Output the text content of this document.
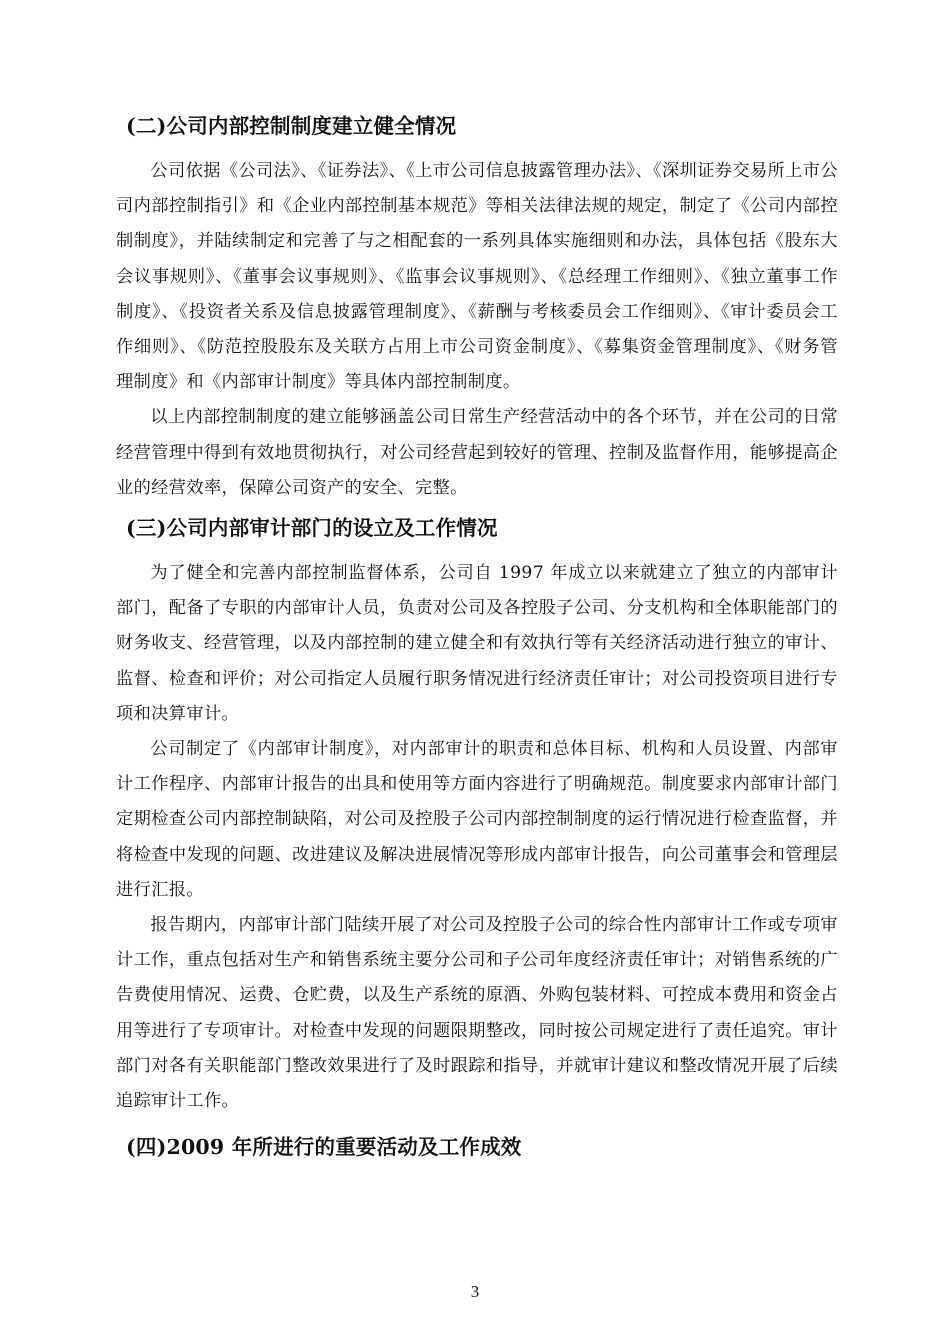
(二)公司内部控制制度建立健全情况

公司依据《公司法》、《证券法》、《上市公司信息披露管理办法》、《深圳证券交易所上市公司内部控制指引》和《企业内部控制基本规范》等相关法律法规的规定，制定了《公司内部控制制度》，并陆续制定和完善了与之相配套的一系列具体实施细则和办法，具体包括《股东大会议事规则》、《董事会议事规则》、《监事会议事规则》、《总经理工作细则》、《独立董事工作制度》、《投资者关系及信息披露管理制度》、《薪酬与考核委员会工作细则》、《审计委员会工作细则》、《防范控股股东及关联方占用上市公司资金制度》、《募集资金管理制度》、《财务管理制度》和《内部审计制度》等具体内部控制制度。

以上内部控制制度的建立能够涵盖公司日常生产经营活动中的各个环节，并在公司的日常经营管理中得到有效地贯彻执行，对公司经营起到较好的管理、控制及监督作用，能够提高企业的经营效率，保障公司资产的安全、完整。

(三)公司内部审计部门的设立及工作情况

为了健全和完善内部控制监督体系，公司自 1997 年成立以来就建立了独立的内部审计部门，配备了专职的内部审计人员，负责对公司及各控股子公司、分支机构和全体职能部门的财务收支、经营管理，以及内部控制的建立健全和有效执行等有关经济活动进行独立的审计、监督、检查和评价；对公司指定人员履行职务情况进行经济责任审计；对公司投资项目进行专项和决算审计。

公司制定了《内部审计制度》，对内部审计的职责和总体目标、机构和人员设置、内部审计工作程序、内部审计报告的出具和使用等方面内容进行了明确规范。制度要求内部审计部门定期检查公司内部控制缺陷，对公司及控股子公司内部控制制度的运行情况进行检查监督，并将检查中发现的问题、改进建议及解决进展情况等形成内部审计报告，向公司董事会和管理层进行汇报。

报告期内，内部审计部门陆续开展了对公司及控股子公司的综合性内部审计工作或专项审计工作，重点包括对生产和销售系统主要分公司和子公司年度经济责任审计；对销售系统的广告费使用情况、运费、仓贮费，以及生产系统的原酒、外购包装材料、可控成本费用和资金占用等进行了专项审计。对检查中发现的问题限期整改，同时按公司规定进行了责任追究。审计部门对各有关职能部门整改效果进行了及时跟踪和指导，并就审计建议和整改情况开展了后续追踪审计工作。

(四)2009 年所进行的重要活动及工作成效
3
